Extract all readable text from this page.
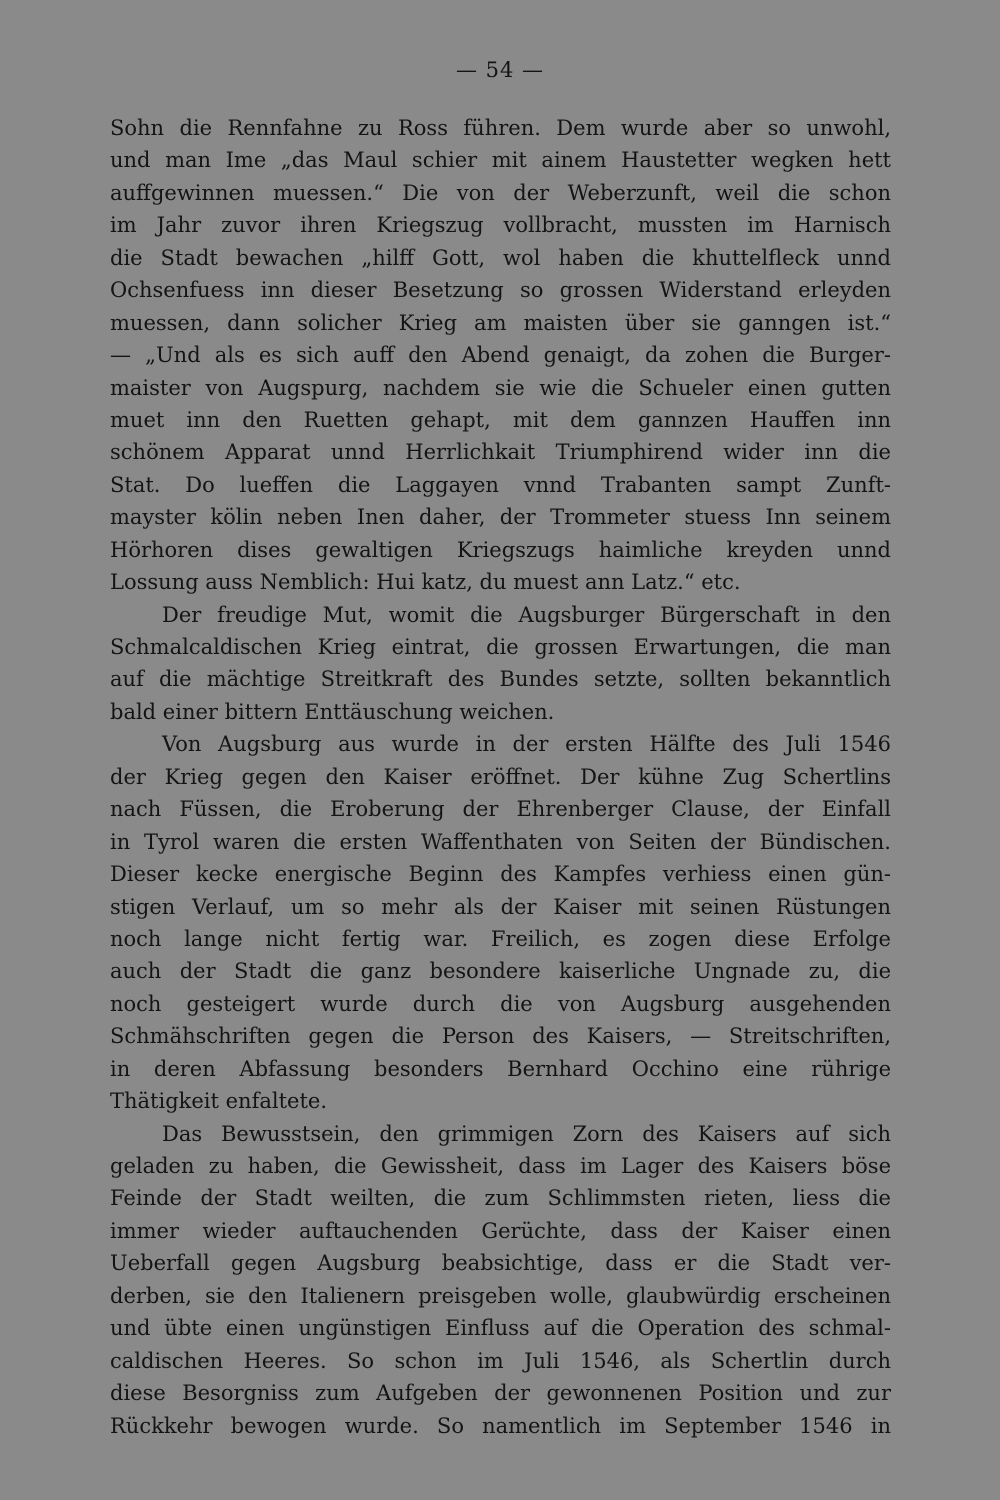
— 54 —
Sohn die Rennfahne zu Ross führen. Dem wurde aber so unwohl,
und man Ime „das Maul schier mit ainem Haustetter wegken hett
auffgewinnen muessen.“ Die von der Weberzunft, weil die schon
im Jahr zuvor ihren Kriegszug vollbracht, mussten im Harnisch
die Stadt bewachen „hilff Gott, wol haben die khuttelfleck unnd
Ochsenfuess inn dieser Besetzung so grossen Widerstand erleyden
muessen, dann solicher Krieg am maisten über sie ganngen ist.“
— „Und als es sich auff den Abend genaigt, da zohen die Burger-
maister von Augspurg, nachdem sie wie die Schueler einen gutten
muet inn den Ruetten gehapt, mit dem gannzen Hauffen inn
schönem Apparat unnd Herrlichkait Triumphirend wider inn die
Stat. Do lueffen die Laggayen vnnd Trabanten sampt Zunft-
mayster kölin neben Inen daher, der Trommeter stuess Inn seinem
Hörhoren dises gewaltigen Kriegszugs haimliche kreyden unnd
Lossung auss Nemblich: Hui katz, du muest ann Latz.“ etc.
Der freudige Mut, womit die Augsburger Bürgerschaft in den
Schmalcaldischen Krieg eintrat, die grossen Erwartungen, die man
auf die mächtige Streitkraft des Bundes setzte, sollten bekanntlich
bald einer bittern Enttäuschung weichen.
Von Augsburg aus wurde in der ersten Hälfte des Juli 1546
der Krieg gegen den Kaiser eröffnet. Der kühne Zug Schertlins
nach Füssen, die Eroberung der Ehrenberger Clause, der Einfall
in Tyrol waren die ersten Waffenthaten von Seiten der Bündischen.
Dieser kecke energische Beginn des Kampfes verhiess einen gün-
stigen Verlauf, um so mehr als der Kaiser mit seinen Rüstungen
noch lange nicht fertig war. Freilich, es zogen diese Erfolge
auch der Stadt die ganz besondere kaiserliche Ungnade zu, die
noch gesteigert wurde durch die von Augsburg ausgehenden
Schmähschriften gegen die Person des Kaisers, — Streitschriften,
in deren Abfassung besonders Bernhard Occhino eine rührige
Thätigkeit enfaltete.
Das Bewusstsein, den grimmigen Zorn des Kaisers auf sich
geladen zu haben, die Gewissheit, dass im Lager des Kaisers böse
Feinde der Stadt weilten, die zum Schlimmsten rieten, liess die
immer wieder auftauchenden Gerüchte, dass der Kaiser einen
Ueberfall gegen Augsburg beabsichtige, dass er die Stadt ver-
derben, sie den Italienern preisgeben wolle, glaubwürdig erscheinen
und übte einen ungünstigen Einfluss auf die Operation des schmal-
caldischen Heeres. So schon im Juli 1546, als Schertlin durch
diese Besorgniss zum Aufgeben der gewonnenen Position und zur
Rückkehr bewogen wurde. So namentlich im September 1546 in
